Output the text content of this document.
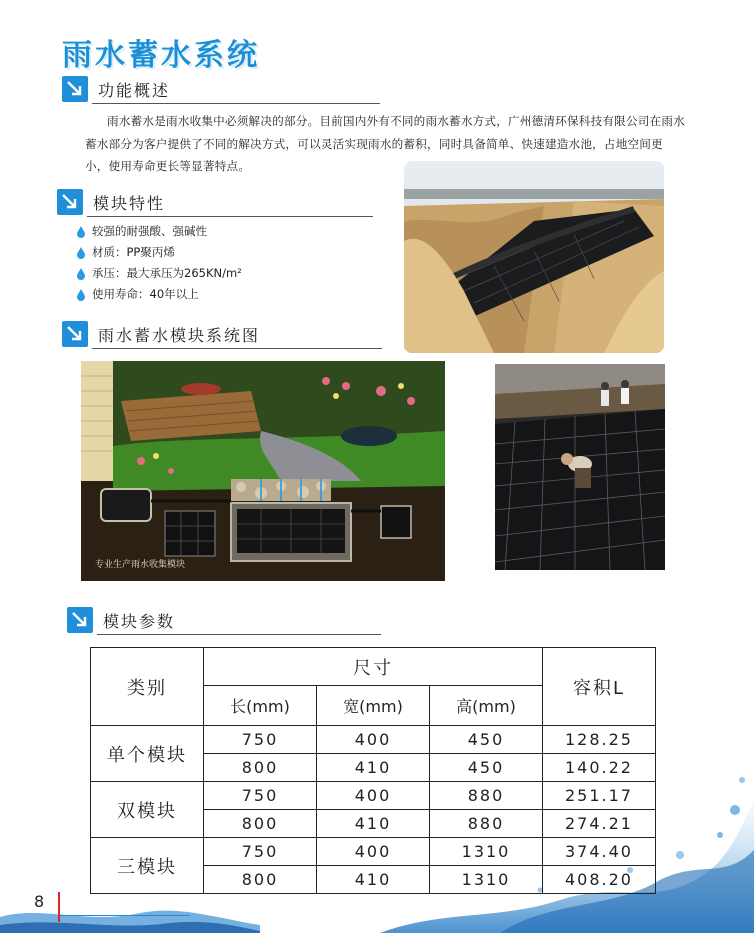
雨水蓄水系统
功能概述
雨水蓄水是雨水收集中必须解决的部分。目前国内外有不同的雨水蓄水方式，广州德清环保科技有限公司在雨水蓄水部分为客户提供了不同的解决方式，可以灵活实现雨水的蓄积，同时具备简单、快速建造水池，占地空间更小，使用寿命更长等显著特点。
模块特性
较强的耐强酸、强碱性
材质：PP聚丙烯
承压：最大承压为265KN/m²
使用寿命：40年以上
雨水蓄水模块系统图
专业生产雨水收集模块
模块参数
类别	尺寸			容积L
	长(mm)	宽(mm)	高(mm)	
单个模块	750	400	450	128.25
	800	410	450	140.22
双模块	750	400	880	251.17
	800	410	880	274.21
三模块	750	400	1310	374.40
	800	410	1310	408.20
8
